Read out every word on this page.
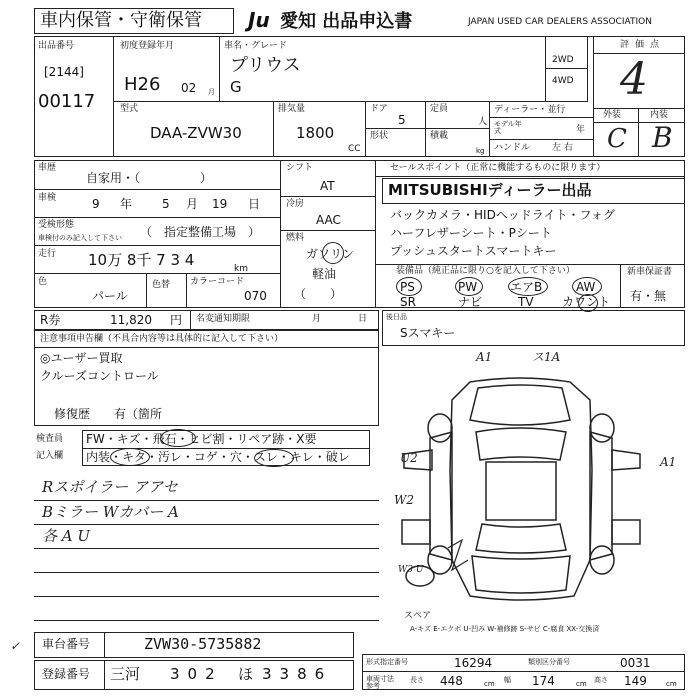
車内保管・守衛保管 Ju 愛知 出品申込書	JAPAN USED CAR DEALERS ASSOCIATION
出品番号
[2144]
00117
初度登録年月
H26 02 月
車名・グレード
プリウス
G
2WD
4WD
評価点
4
外装	内装
C B
型式
DAA-ZVW30
排気量
1800
CC
ドア
5
形状
定員
人
積載
kg
ディーラー・並行
モデル年式	年
ハンドル 左 右
車歴
自家用・（　　　　　）
車検	9 年 5 月 19 日
受検形態
車検付のみ記入して下さい （　指定整備工場　）
走行 10万 8千 7 3 4	km
色
パール
色替 カラーコード
070
シフト
AT
冷房
AAC
燃料
ガソリン
軽油
（　　）
セールスポイント（正常に機能するものに限ります）
MITSUBISHIディーラー出品
バックカメラ・HIDヘッドライト・フォグ
ハーフレザーシート・Pシート
プッシュスタートスマートキー
装備品（純正品に限り○を記入して下さい）	新車保証書
有・無
PS	PW	エアB	AW
SR	ナビ	TV カワント
R券	11,820 円 名変通知期限	月	日
注意事項申告欄（不具合内容等は具体的に記入して下さい）
◎ユーザー買取
クルーズコントロール
修復歴　　有（箇所
後日品
Sスマキー
検査員
記入欄
FW・キズ・飛石・ヒビ割・リペア跡・X要
内装・キタ・汚レ・コゲ・穴・スレ・キレ・破レ
Rスポイラー アアセ
Bミラー Wカバー A
各 A U
A1	ス1A
U2	A1
W2
W3 U
スペア
A-キズ E-エクボ U-凹み W-補修跡 S-サビ C-腐食 XX-交換済
車台番号	ZVW30-5735882
登録番号 三河 302 ほ 3386
形式指定番号	16294	類別区分番号	0031
車両寸法 参考
長さ 448	cm 幅 174	cm 高さ 149	cm
✓
